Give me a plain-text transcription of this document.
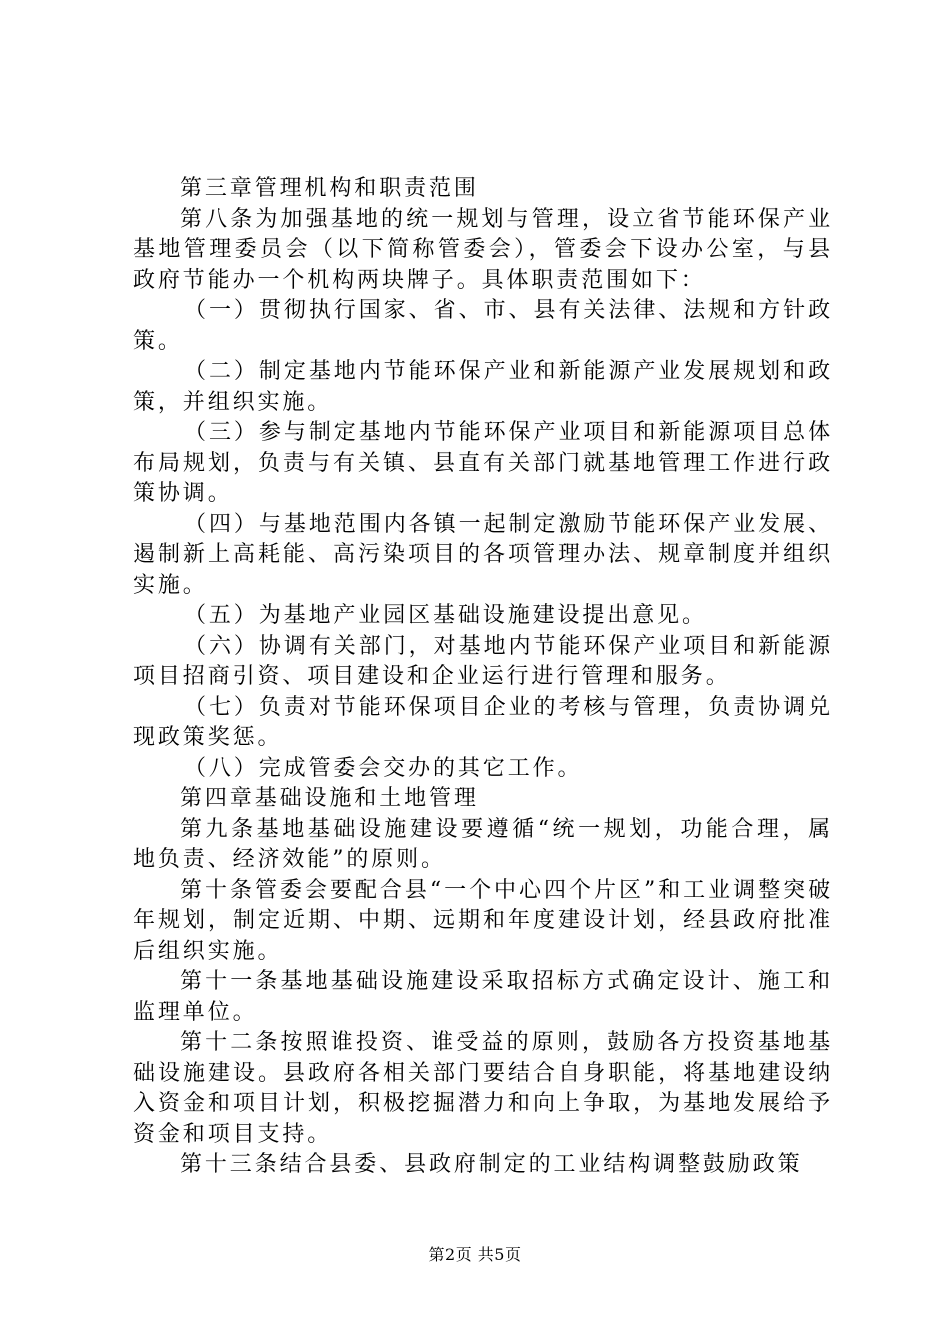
第三章管理机构和职责范围

第八条为加强基地的统一规划与管理，设立省节能环保产业基地管理委员会（以下简称管委会），管委会下设办公室，与县政府节能办一个机构两块牌子。具体职责范围如下：

（一）贯彻执行国家、省、市、县有关法律、法规和方针政策。

（二）制定基地内节能环保产业和新能源产业发展规划和政策，并组织实施。

（三）参与制定基地内节能环保产业项目和新能源项目总体布局规划，负责与有关镇、县直有关部门就基地管理工作进行政策协调。

（四）与基地范围内各镇一起制定激励节能环保产业发展、遏制新上高耗能、高污染项目的各项管理办法、规章制度并组织实施。

（五）为基地产业园区基础设施建设提出意见。

（六）协调有关部门，对基地内节能环保产业项目和新能源项目招商引资、项目建设和企业运行进行管理和服务。

（七）负责对节能环保项目企业的考核与管理，负责协调兑现政策奖惩。

（八）完成管委会交办的其它工作。

第四章基础设施和土地管理

第九条基地基础设施建设要遵循“统一规划，功能合理，属地负责、经济效能”的原则。

第十条管委会要配合县“一个中心四个片区”和工业调整突破年规划，制定近期、中期、远期和年度建设计划，经县政府批准后组织实施。

第十一条基地基础设施建设采取招标方式确定设计、施工和监理单位。

第十二条按照谁投资、谁受益的原则，鼓励各方投资基地基础设施建设。县政府各相关部门要结合自身职能，将基地建设纳入资金和项目计划，积极挖掘潜力和向上争取，为基地发展给予资金和项目支持。

第十三条结合县委、县政府制定的工业结构调整鼓励政策

第2页 共5页
